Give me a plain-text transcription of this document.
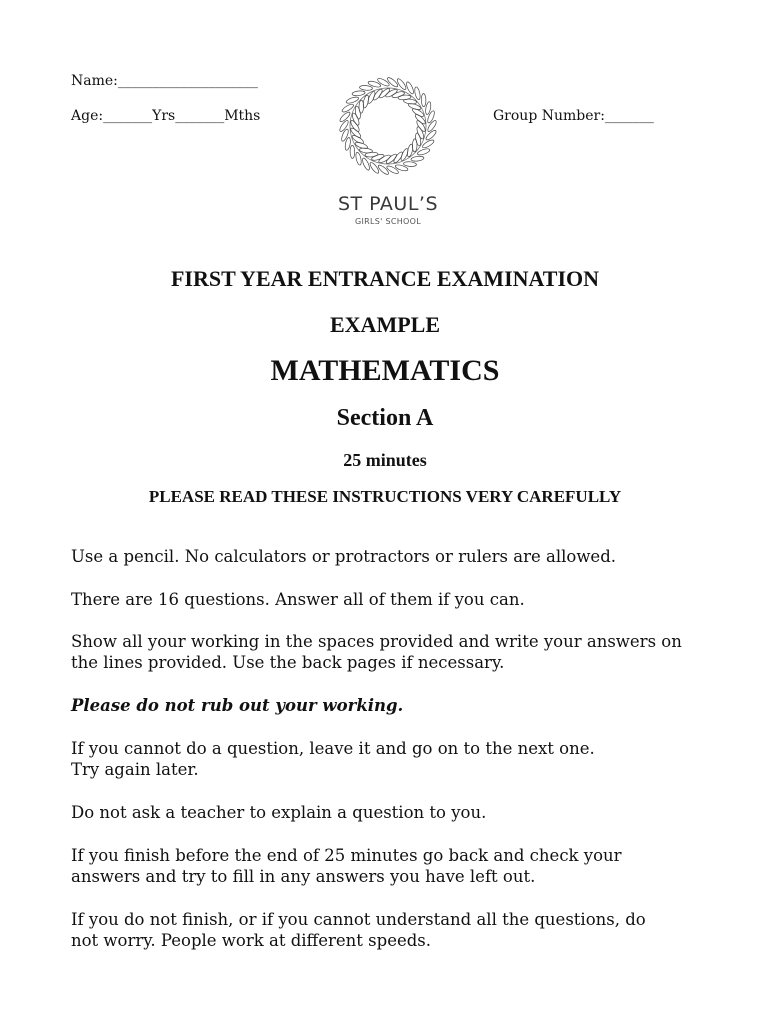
Name:____________________
Age:_______Yrs_______Mths	Group Number:_______
ST PAUL’S
GIRLS' SCHOOL
FIRST YEAR ENTRANCE EXAMINATION
EXAMPLE
MATHEMATICS
Section A
25 minutes
PLEASE READ THESE INSTRUCTIONS VERY CAREFULLY
Use a pencil. No calculators or protractors or rulers are allowed.
There are 16 questions. Answer all of them if you can.
Show all your working in the spaces provided and write your answers on
the lines provided. Use the back pages if necessary.
Please do not rub out your working.
If you cannot do a question, leave it and go on to the next one.
Try again later.
Do not ask a teacher to explain a question to you.
If you finish before the end of 25 minutes go back and check your
answers and try to fill in any answers you have left out.
If you do not finish, or if you cannot understand all the questions, do
not worry. People work at different speeds.
